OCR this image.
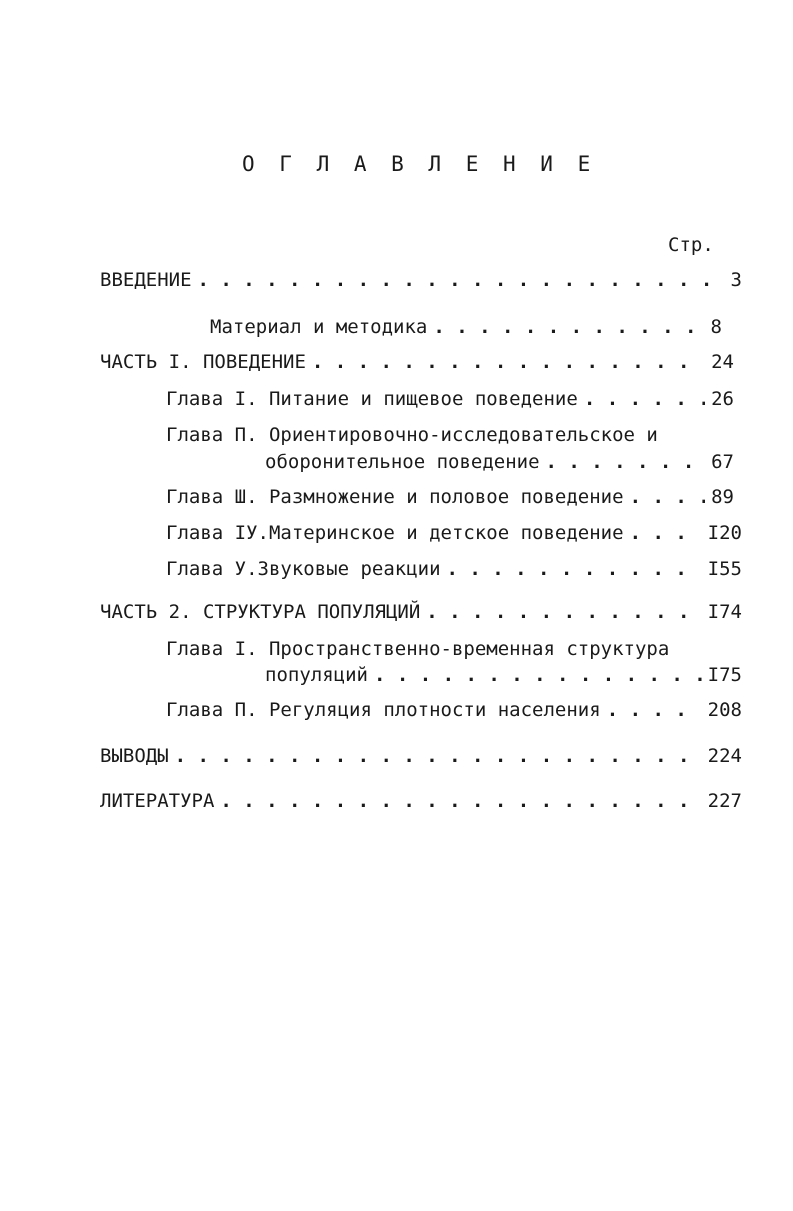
О Г Л А В Л Е Н И Е
Стр.
ВВЕДЕНИЕ . . .	3
Материал и методика . . .	8
ЧАСТЬ I. ПОВЕДЕНИЕ . . .	24
Глава I. Питание и пищевое поведение . . .	26
Глава П. Ориентировочно-исследовательское и
оборонительное поведение . . .	67
Глава Ш. Размножение и половое поведение . . .	89
Глава IУ.Материнское и детское поведение . . .	I20
Глава У.Звуковые реакции . . .	I55
ЧАСТЬ 2. СТРУКТУРА ПОПУЛЯЦИЙ . . .	I74
Глава I. Пространственно-временная структура
популяций . . .	I75
Глава П. Регуляция плотности населения . . .	208
ВЫВОДЫ . . .	224
ЛИТЕРАТУРА . . .	227
